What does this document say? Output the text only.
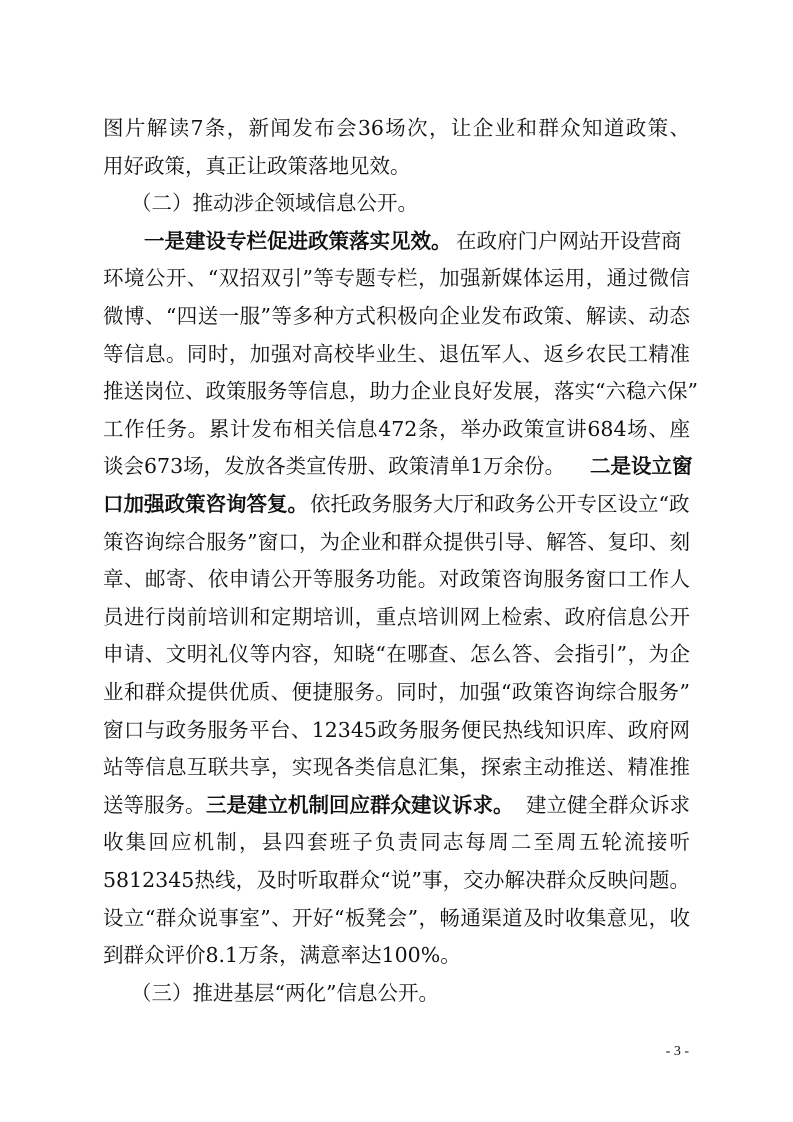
图片解读7条，新闻发布会36场次，让企业和群众知道政策、
用好政策，真正让政策落地见效。
（二）推动涉企领域信息公开。
一是建设专栏促进政策落实见效。 在政府门户网站开设营商
环境公开、“双招双引”等专题专栏，加强新媒体运用，通过微信
微博、“四送一服”等多种方式积极向企业发布政策、解读、动态
等信息。同时，加强对高校毕业生、退伍军人、返乡农民工精准
推送岗位、政策服务等信息，助力企业良好发展，落实“六稳六保”
工作任务。累计发布相关信息472条，举办政策宣讲684场、座
谈会673场，发放各类宣传册、政策清单1万余份。 二是设立窗
口加强政策咨询答复。 依托政务服务大厅和政务公开专区设立“政
策咨询综合服务”窗口，为企业和群众提供引导、解答、复印、刻
章、邮寄、依申请公开等服务功能。对政策咨询服务窗口工作人
员进行岗前培训和定期培训，重点培训网上检索、政府信息公开
申请、文明礼仪等内容，知晓“在哪查、怎么答、会指引”，为企
业和群众提供优质、便捷服务。同时，加强“政策咨询综合服务”
窗口与政务服务平台、12345政务服务便民热线知识库、政府网
站等信息互联共享，实现各类信息汇集，探索主动推送、精准推
送等服务。 三是建立机制回应群众建议诉求。 建立健全群众诉求
收集回应机制，县四套班子负责同志每周二至周五轮流接听
5812345热线，及时听取群众“说”事，交办解决群众反映问题。
设立“群众说事室”、开好“板凳会”，畅通渠道及时收集意见，收
到群众评价8.1万条，满意率达100%。
（三）推进基层“两化”信息公开。
- 3 -
